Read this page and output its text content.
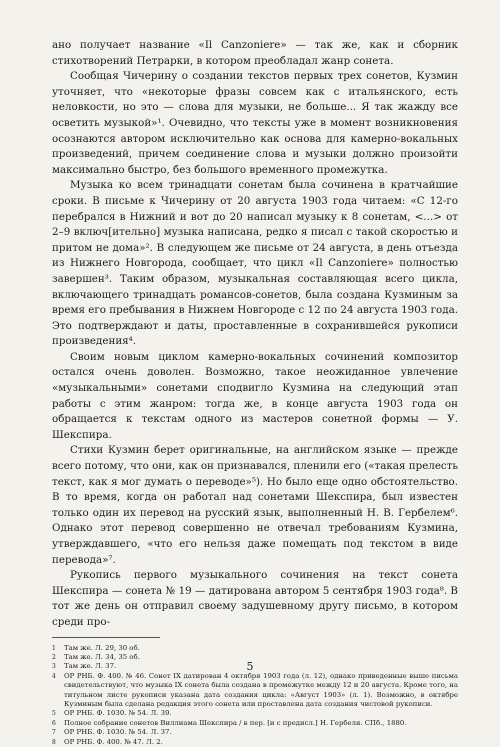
ано получает название «Il Canzoniere» — так же, как и сборник стихотворений Петрарки, в котором преобладал жанр сонета.

Сообщая Чичерину о создании текстов первых трех сонетов, Кузмин уточняет, что «некоторые фразы совсем как с итальянского, есть неловкости, но это — слова для музыки, не больше... Я так жажду все осветить музыкой»¹. Очевидно, что тексты уже в момент возникновения осознаются автором исключительно как основа для камерно-вокальных произведений, причем соединение слова и музыки должно произойти максимально быстро, без большого временного промежутка.

Музыка ко всем тринадцати сонетам была сочинена в кратчайшие сроки. В письме к Чичерину от 20 августа 1903 года читаем: «С 12-го перебрался в Нижний и вот до 20 написал музыку к 8 сонетам, <...> от 2–9 включ[ительно] музыка написана, редко я писал с такой скоростью и притом не дома»². В следующем же письме от 24 августа, в день отъезда из Нижнего Новгорода, сообщает, что цикл «Il Canzoniere» полностью завершен³. Таким образом, музыкальная составляющая всего цикла, включающего тринадцать романсов-сонетов, была создана Кузминым за время его пребывания в Нижнем Новгороде с 12 по 24 августа 1903 года. Это подтверждают и даты, проставленные в сохранившейся рукописи произведения⁴.

Своим новым циклом камерно-вокальных сочинений композитор остался очень доволен. Возможно, такое неожиданное увлечение «музыкальными» сонетами сподвигло Кузмина на следующий этап работы с этим жанром: тогда же, в конце августа 1903 года он обращается к текстам одного из мастеров сонетной формы — У. Шекспира.

Стихи Кузмин берет оригинальные, на английском языке — прежде всего потому, что они, как он признавался, пленили его («такая прелесть текст, как я мог думать о переводе»⁵). Но было еще одно обстоятельство. В то время, когда он работал над сонетами Шекспира, был известен только один их перевод на русский язык, выполненный Н. В. Гербелем⁶. Однако этот перевод совершенно не отвечал требованиям Кузмина, утверждавшего, «что его нельзя даже помещать под текстом в виде перевода»⁷.

Рукопись первого музыкального сочинения на текст сонета Шекспира — сонета № 19 — датирована автором 5 сентября 1903 года⁸. В тот же день он отправил своему задушевному другу письмо, в котором среди про-

1	Там же. Л. 29, 30 об.
2	Там же. Л. 34, 35 об.
3	Там же. Л. 37.
4	ОР РНБ. Ф. 400. № 46. Сонет IX датирован 4 октября 1903 года (л. 12), однако приведенные выше письма свидетельствуют, что музыка IX сонета была создана в промежутке между 12 и 20 августа. Кроме того, на титульном листе рукописи указана дата создания цикла: «Август 1903» (л. 1). Возможно, в октябре Кузминым была сделана редакция этого сонета или проставлена дата создания чистовой рукописи.
5	ОР РНБ. Ф. 1030. № 54. Л. 39.
6	Полное собрание сонетов Виллиама Шекспира / в пер. [и с предисл.] Н. Гербеля. СПб., 1880.
7	ОР РНБ. Ф. 1030. № 54. Л. 37.
8	ОР РНБ. Ф. 400. № 47. Л. 2.
5
